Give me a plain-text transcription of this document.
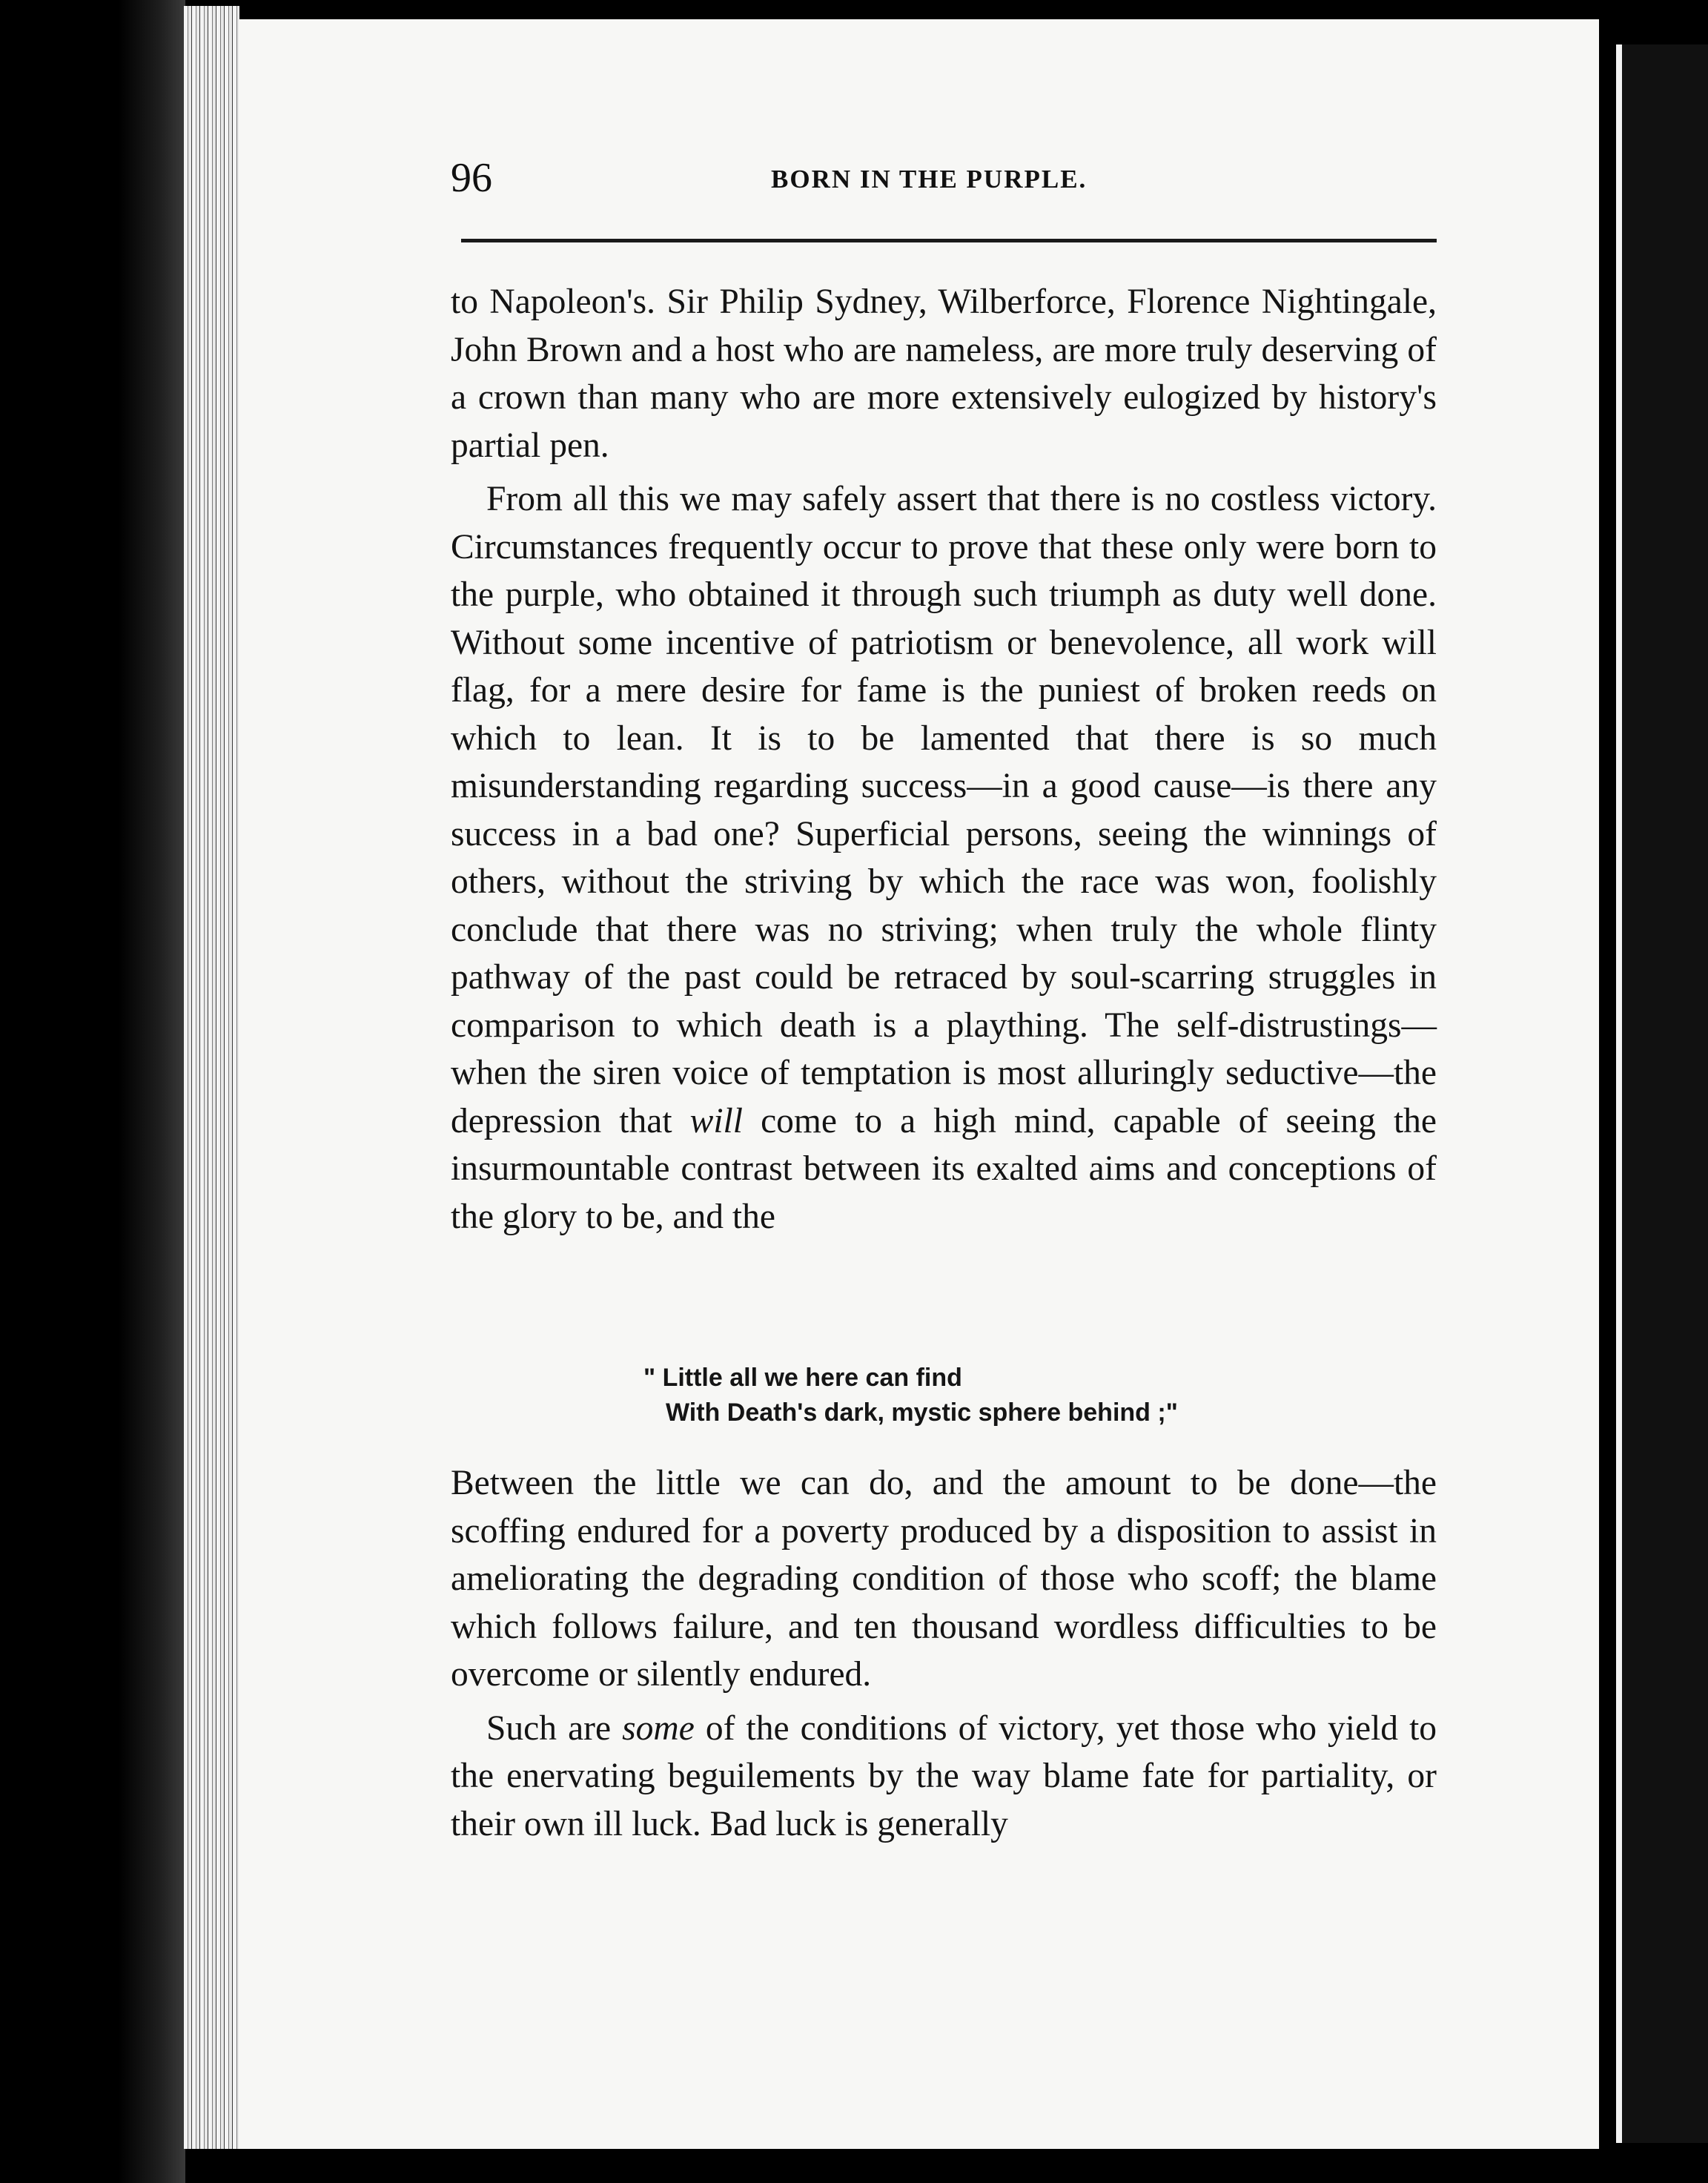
96	BORN IN THE PURPLE.

to Napoleon's. Sir Philip Sydney, Wilberforce, Florence Nightingale, John Brown and a host who are nameless, are more truly deserving of a crown than many who are more extensively eulogized by history's partial pen.

From all this we may safely assert that there is no costless victory. Circumstances frequently occur to prove that these only were born to the purple, who obtained it through such triumph as duty well done. Without some incentive of patriotism or benevolence, all work will flag, for a mere desire for fame is the puniest of broken reeds on which to lean. It is to be lamented that there is so much misunderstanding regarding success—in a good cause—is there any success in a bad one? Superficial persons, seeing the winnings of others, without the striving by which the race was won, foolishly conclude that there was no striving; when truly the whole flinty pathway of the past could be retraced by soul-scarring struggles in comparison to which death is a plaything. The self-distrustings—when the siren voice of temptation is most alluringly seductive—the depression that will come to a high mind, capable of seeing the insurmountable contrast between its exalted aims and conceptions of the glory to be, and the

" Little all we here can find
With Death's dark, mystic sphere behind ;"

Between the little we can do, and the amount to be done—the scoffing endured for a poverty produced by a disposition to assist in ameliorating the degrading condition of those who scoff; the blame which follows failure, and ten thousand wordless difficulties to be overcome or silently endured.

Such are some of the conditions of victory, yet those who yield to the enervating beguilements by the way blame fate for partiality, or their own ill luck. Bad luck is generally
